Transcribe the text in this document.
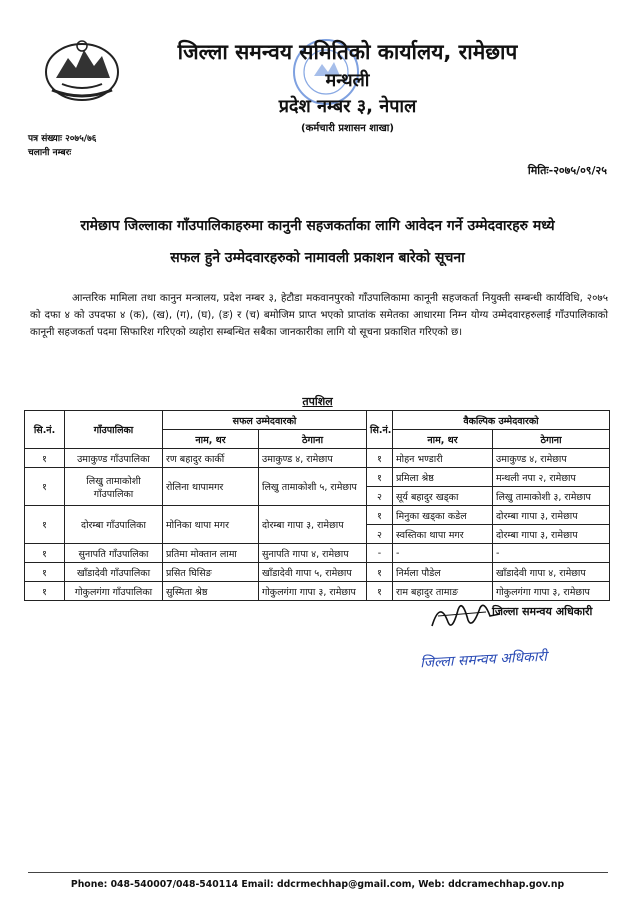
जिल्ला समन्वय समितिको कार्यालय, रामेछाप
मन्थली
प्रदेश नम्बर ३, नेपाल
(कर्मचारी प्रशासन शाखा)
पत्र संख्याः २०७५/७६
चलानी नम्बरः
मितिः-२०७५/०९/२५
रामेछाप जिल्लाका गाँउपालिकाहरुमा कानुनी सहजकर्ताका लागि आवेदन गर्ने उम्मेदवारहरु मध्ये
सफल हुने उम्मेदवारहरुको नामावली प्रकाशन बारेको सूचना
आन्तरिक मामिला तथा कानुन मन्त्रालय, प्रदेश नम्बर ३, हेटौडा मकवानपुरको गाँउपालिकामा कानूनी सहजकर्ता नियुक्ती सम्बन्धी कार्यविधि, २०७५ को दफा ४ को उपदफा ४ (क), (ख), (ग), (घ), (ङ) र (च) बमोजिम प्राप्त भएको प्राप्तांक समेतका आधारमा निम्न योग्य उम्मेदवारहरुलाई गाँउपालिकाको कानूनी सहजकर्ता पदमा सिफारिश गरिएको व्यहोरा सम्बन्धित सबैका जानकारीका लागि यो सूचना प्रकाशित गरिएको छ।
तपशिल
सि.नं.	गाँउपालिका	सफल उम्मेदवारको		सि.नं.	वैकल्पिक उम्मेदवारको	
		नाम, थर	ठेगाना		नाम, थर	ठेगाना
१	उमाकुण्ड गाँउपालिका	रण बहादुर कार्की	उमाकुण्ड ४, रामेछाप	१	मोहन भण्डारी	उमाकुण्ड ४, रामेछाप
१	लिखु तामाकोशी गाँउपालिका	रोलिना थापामगर	लिखु तामाकोशी ५, रामेछाप	१	प्रमिला श्रेष्ठ	मन्थली नपा २, रामेछाप
				२	सूर्य बहादुर खड्का	लिखु तामाकोशी ३, रामेछाप
१	दोरम्बा गाँउपालिका	मोनिका थापा मगर	दोरम्बा गापा ३, रामेछाप	१	मिनुका खड्का कडेल	दोरम्बा गापा ३, रामेछाप
				२	स्वस्तिका थापा मगर	दोरम्बा गापा ३, रामेछाप
१	सुनापति गाँउपालिका	प्रतिमा मोक्तान लामा	सुनापति गापा ४, रामेछाप	-	-	-
१	खाँडादेवी गाँउपालिका	प्रसित घिसिङ	खाँडादेवी गापा ५, रामेछाप	१	निर्मला पौडेल	खाँडादेवी गापा ४, रामेछाप
१	गोकुलगंगा गाँउपालिका	सुस्मिता श्रेष्ठ	गोकुलगंगा गापा ३, रामेछाप	१	राम बहादुर तामाङ	गोकुलगंगा गापा ३, रामेछाप
जिल्ला समन्वय अधिकारी
जिल्ला समन्वय अधिकारी
Phone: 048-540007/048-540114 Email: ddcrmechhap@gmail.com, Web: ddcramechhap.gov.np
